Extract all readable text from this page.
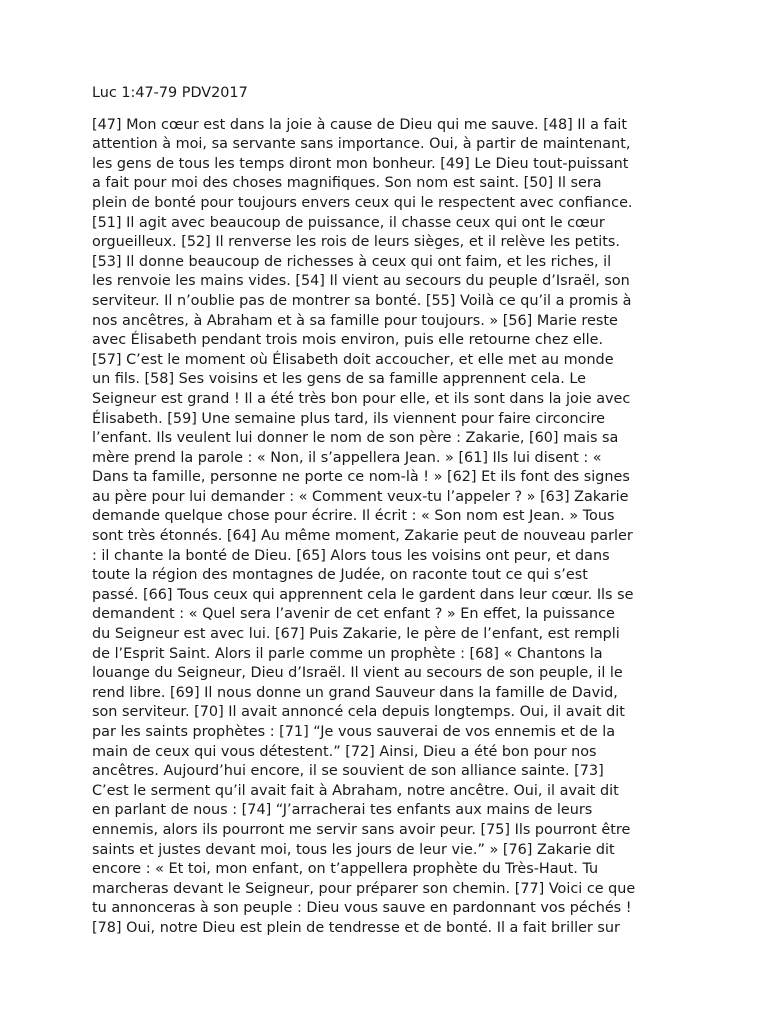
Luc 1:47-79 PDV2017
[47] Mon cœur est dans la joie à cause de Dieu qui me sauve. [48] Il a fait
attention à moi, sa servante sans importance. Oui, à partir de maintenant,
les gens de tous les temps diront mon bonheur. [49] Le Dieu tout-puissant
a fait pour moi des choses magnifiques. Son nom est saint. [50] Il sera
plein de bonté pour toujours envers ceux qui le respectent avec confiance.
[51] Il agit avec beaucoup de puissance, il chasse ceux qui ont le cœur
orgueilleux. [52] Il renverse les rois de leurs sièges, et il relève les petits.
[53] Il donne beaucoup de richesses à ceux qui ont faim, et les riches, il
les renvoie les mains vides. [54] Il vient au secours du peuple d’Israël, son
serviteur. Il n’oublie pas de montrer sa bonté. [55] Voilà ce qu’il a promis à
nos ancêtres, à Abraham et à sa famille pour toujours. » [56] Marie reste
avec Élisabeth pendant trois mois environ, puis elle retourne chez elle.
[57] C’est le moment où Élisabeth doit accoucher, et elle met au monde
un fils. [58] Ses voisins et les gens de sa famille apprennent cela. Le
Seigneur est grand ! Il a été très bon pour elle, et ils sont dans la joie avec
Élisabeth. [59] Une semaine plus tard, ils viennent pour faire circoncire
l’enfant. Ils veulent lui donner le nom de son père : Zakarie, [60] mais sa
mère prend la parole : « Non, il s’appellera Jean. » [61] Ils lui disent : «
Dans ta famille, personne ne porte ce nom-là ! » [62] Et ils font des signes
au père pour lui demander : « Comment veux-tu l’appeler ? » [63] Zakarie
demande quelque chose pour écrire. Il écrit : « Son nom est Jean. » Tous
sont très étonnés. [64] Au même moment, Zakarie peut de nouveau parler
: il chante la bonté de Dieu. [65] Alors tous les voisins ont peur, et dans
toute la région des montagnes de Judée, on raconte tout ce qui s’est
passé. [66] Tous ceux qui apprennent cela le gardent dans leur cœur. Ils se
demandent : « Quel sera l’avenir de cet enfant ? » En effet, la puissance
du Seigneur est avec lui. [67] Puis Zakarie, le père de l’enfant, est rempli
de l’Esprit Saint. Alors il parle comme un prophète : [68] « Chantons la
louange du Seigneur, Dieu d’Israël. Il vient au secours de son peuple, il le
rend libre. [69] Il nous donne un grand Sauveur dans la famille de David,
son serviteur. [70] Il avait annoncé cela depuis longtemps. Oui, il avait dit
par les saints prophètes : [71] “Je vous sauverai de vos ennemis et de la
main de ceux qui vous détestent.” [72] Ainsi, Dieu a été bon pour nos
ancêtres. Aujourd’hui encore, il se souvient de son alliance sainte. [73]
C’est le serment qu’il avait fait à Abraham, notre ancêtre. Oui, il avait dit
en parlant de nous : [74] “J’arracherai tes enfants aux mains de leurs
ennemis, alors ils pourront me servir sans avoir peur. [75] Ils pourront être
saints et justes devant moi, tous les jours de leur vie.” » [76] Zakarie dit
encore : « Et toi, mon enfant, on t’appellera prophète du Très-Haut. Tu
marcheras devant le Seigneur, pour préparer son chemin. [77] Voici ce que
tu annonceras à son peuple : Dieu vous sauve en pardonnant vos péchés !
[78] Oui, notre Dieu est plein de tendresse et de bonté. Il a fait briller sur
